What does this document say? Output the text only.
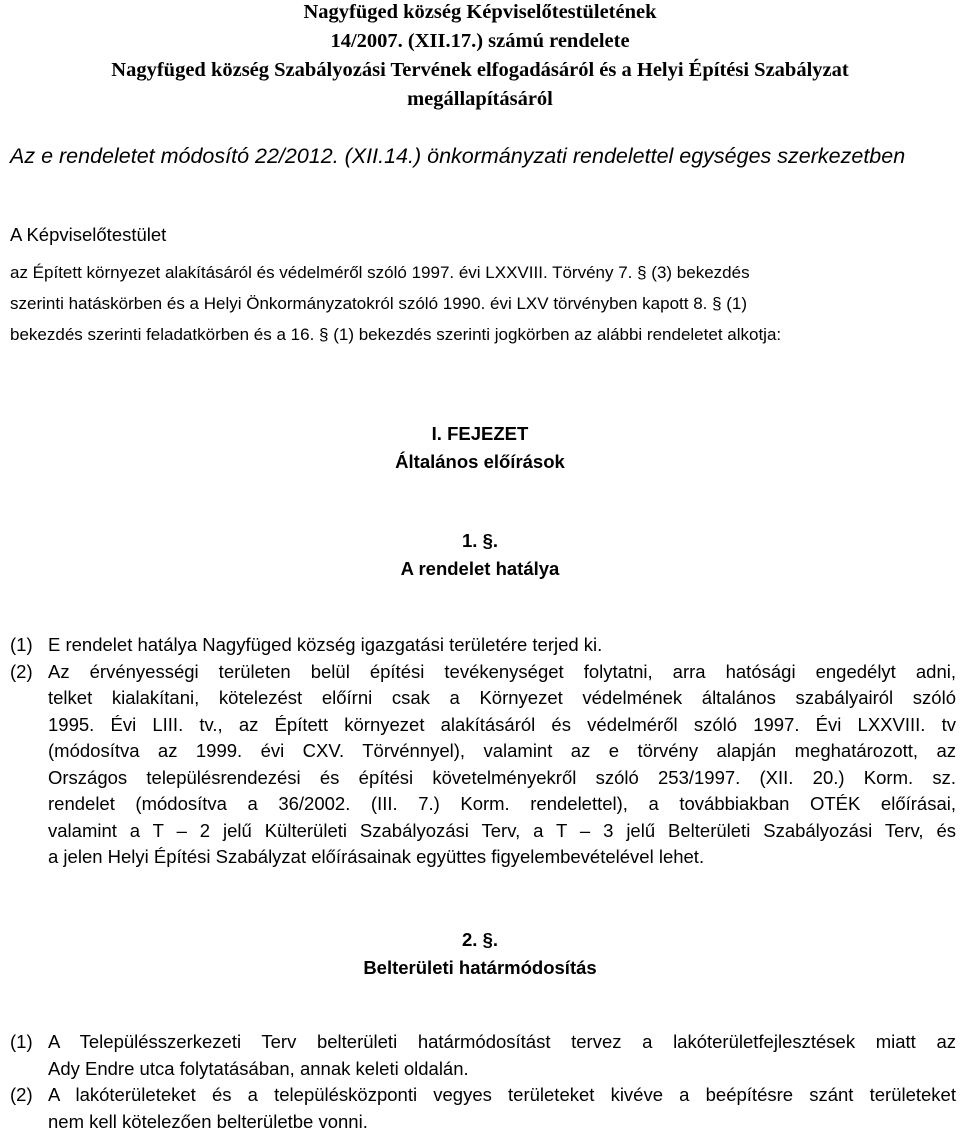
Nagyfüged község Képviselőtestületének
14/2007. (XII.17.) számú rendelete
Nagyfüged község Szabályozási Tervének elfogadásáról és a Helyi Építési Szabályzat
megállapításáról
Az e rendeletet módosító 22/2012. (XII.14.) önkormányzati rendelettel egységes szerkezetben
A Képviselőtestület
az Épített környezet alakításáról és védelméről szóló 1997. évi LXXVIII. Törvény 7. § (3) bekezdés
szerinti hatáskörben és a Helyi Önkormányzatokról szóló 1990. évi LXV törvényben kapott 8. § (1)
bekezdés szerinti feladatkörben és a 16. § (1) bekezdés szerinti jogkörben az alábbi rendeletet alkotja:
I. FEJEZET
Általános előírások
1. §.
A rendelet hatálya
(1) E rendelet hatálya Nagyfüged község igazgatási területére terjed ki.
(2) Az érvényességi területen belül építési tevékenységet folytatni, arra hatósági engedélyt adni,
telket kialakítani, kötelezést előírni csak a Környezet védelmének általános szabályairól szóló
1995. Évi LIII. tv., az Épített környezet alakításáról és védelméről szóló 1997. Évi LXXVIII. tv
(módosítva az 1999. évi CXV. Törvénnyel), valamint az e törvény alapján meghatározott, az
Országos településrendezési és építési követelményekről szóló 253/1997. (XII. 20.) Korm. sz.
rendelet (módosítva a 36/2002. (III. 7.) Korm. rendelettel), a továbbiakban OTÉK előírásai,
valamint a T – 2 jelű Külterületi Szabályozási Terv, a T – 3 jelű Belterületi Szabályozási Terv, és
a jelen Helyi Építési Szabályzat előírásainak együttes figyelembevételével lehet.
2. §.
Belterületi határmódosítás
(1) A Településszerkezeti Terv belterületi határmódosítást tervez a lakóterületfejlesztések miatt az
Ady Endre utca folytatásában, annak keleti oldalán.
(2) A lakóterületeket és a településközponti vegyes területeket kivéve a beépítésre szánt területeket
nem kell kötelezően belterületbe vonni.
